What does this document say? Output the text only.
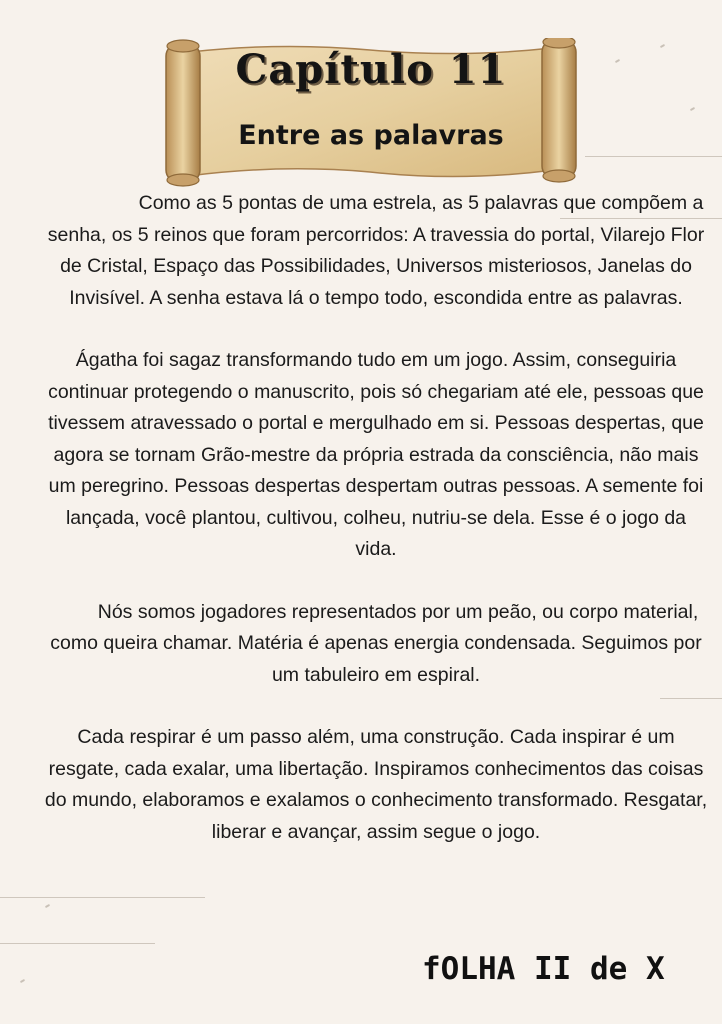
Capítulo 11
Entre as palavras

Como as 5 pontas de uma estrela, as 5 palavras que compõem a senha, os 5 reinos que foram percorridos: A travessia do portal, Vilarejo Flor de Cristal, Espaço das Possibilidades, Universos misteriosos, Janelas do Invisível. A senha estava lá o tempo todo, escondida entre as palavras.

Ágatha foi sagaz transformando tudo em um jogo. Assim, conseguiria continuar protegendo o manuscrito, pois só chegariam até ele, pessoas que tivessem atravessado o portal e mergulhado em si. Pessoas despertas, que agora se tornam Grão-mestre da própria estrada da consciência, não mais um peregrino. Pessoas despertas despertam outras pessoas. A semente foi lançada, você plantou, cultivou, colheu, nutriu-se dela. Esse é o jogo da vida.

Nós somos jogadores representados por um peão, ou corpo material, como queira chamar. Matéria é apenas energia condensada. Seguimos por um tabuleiro em espiral.

Cada respirar é um passo além, uma construção. Cada inspirar é um resgate, cada exalar, uma libertação. Inspiramos conhecimentos das coisas do mundo, elaboramos e exalamos o conhecimento transformado. Resgatar, liberar e avançar, assim segue o jogo.

fOLHA II de X
